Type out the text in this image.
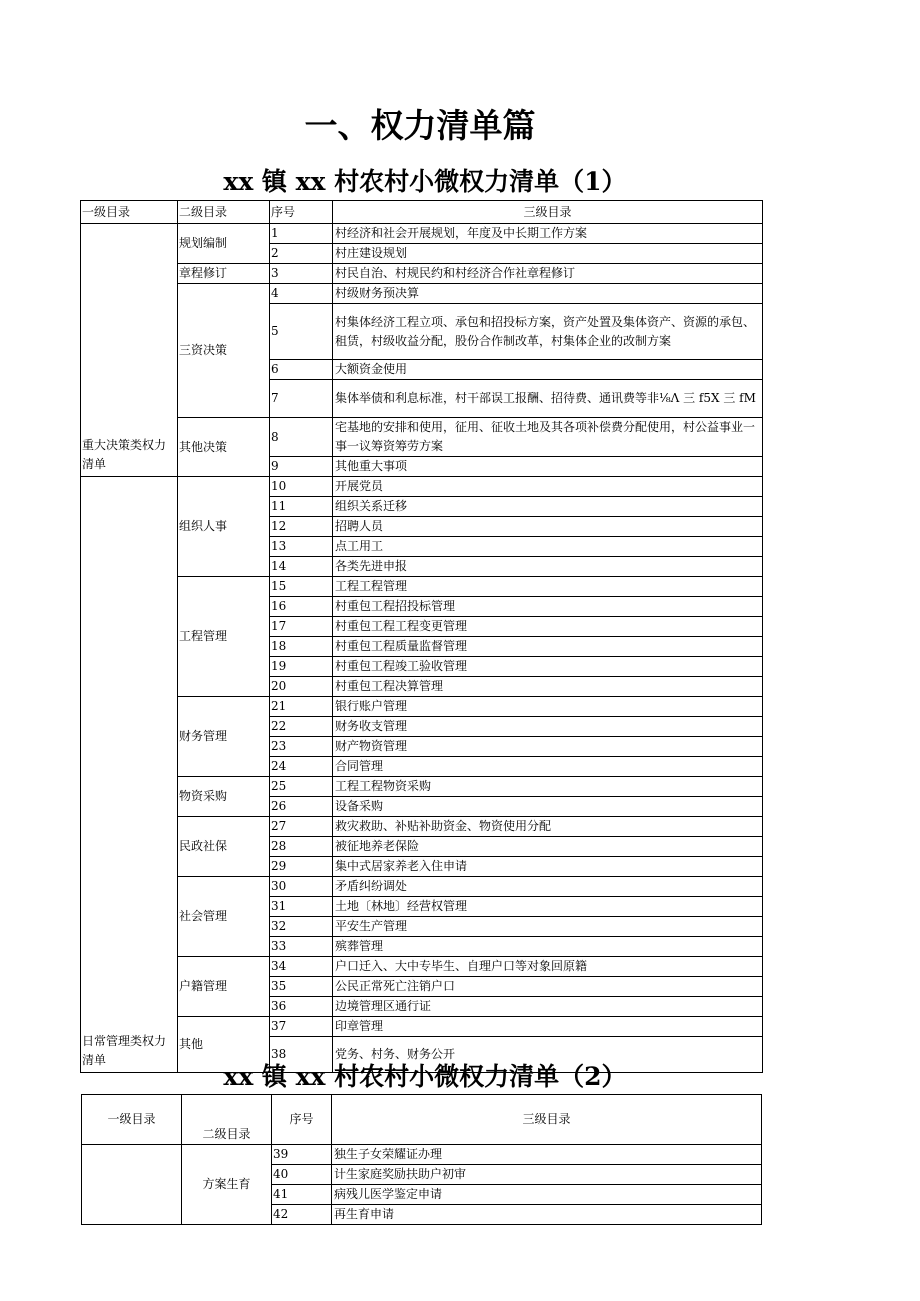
一、权力清单篇
xx 镇 xx 村农村小微权力清单（1）
一级目录	二级目录	序号	三级目录
重大决策类权力清单	规划编制	1	村经济和社会开展规划，年度及中长期工作方案
		2	村庄建设规划
	章程修订	3	村民自治、村规民约和村经济合作社章程修订
	三资决策	4	村级财务预决算
		5	村集体经济工程立项、承包和招投标方案，资产处置及集体资产、资源的承包、租赁，村级收益分配，股份合作制改革，村集体企业的改制方案
		6	大额资金使用
		7	集体举债和利息标准，村干部误工报酬、招待费、通讯费等非⅛Λ 三 f5X 三 fM
	其他决策	8	宅基地的安排和使用，征用、征收土地及其各项补偿费分配使用，村公益事业一事一议筹资筹劳方案
		9	其他重大事项
日常管理类权力清单	组织人事	10	开展党员
		11	组织关系迁移
		12	招聘人员
		13	点工用工
		14	各类先进申报
	工程管理	15	工程工程管理
		16	村重包工程招投标管理
		17	村重包工程工程变更管理
		18	村重包工程质量监督管理
		19	村重包工程竣工验收管理
		20	村重包工程决算管理
	财务管理	21	银行账户管理
		22	财务收支管理
		23	财产物资管理
		24	合同管理
	物资采购	25	工程工程物资采购
		26	设备采购
	民政社保	27	救灾救助、补贴补助资金、物资使用分配
		28	被征地养老保险
		29	集中式居家养老入住申请
	社会管理	30	矛盾纠纷调处
		31	土地〔林地〕经营权管理
		32	平安生产管理
		33	殡葬管理
	户籍管理	34	户口迁入、大中专毕生、自理户口等对象回原籍
		35	公民正常死亡注销户口
		36	边境管理区通行证
	其他	37	印章管理
		38	党务、村务、财务公开
xx 镇 xx 村农村小微权力清单（2）
一级目录	二级目录	序号	三级目录
	方案生育	39	独生子女荣耀证办理
		40	计生家庭奖励扶助户初审
		41	病残儿医学鉴定申请
		42	再生育申请
